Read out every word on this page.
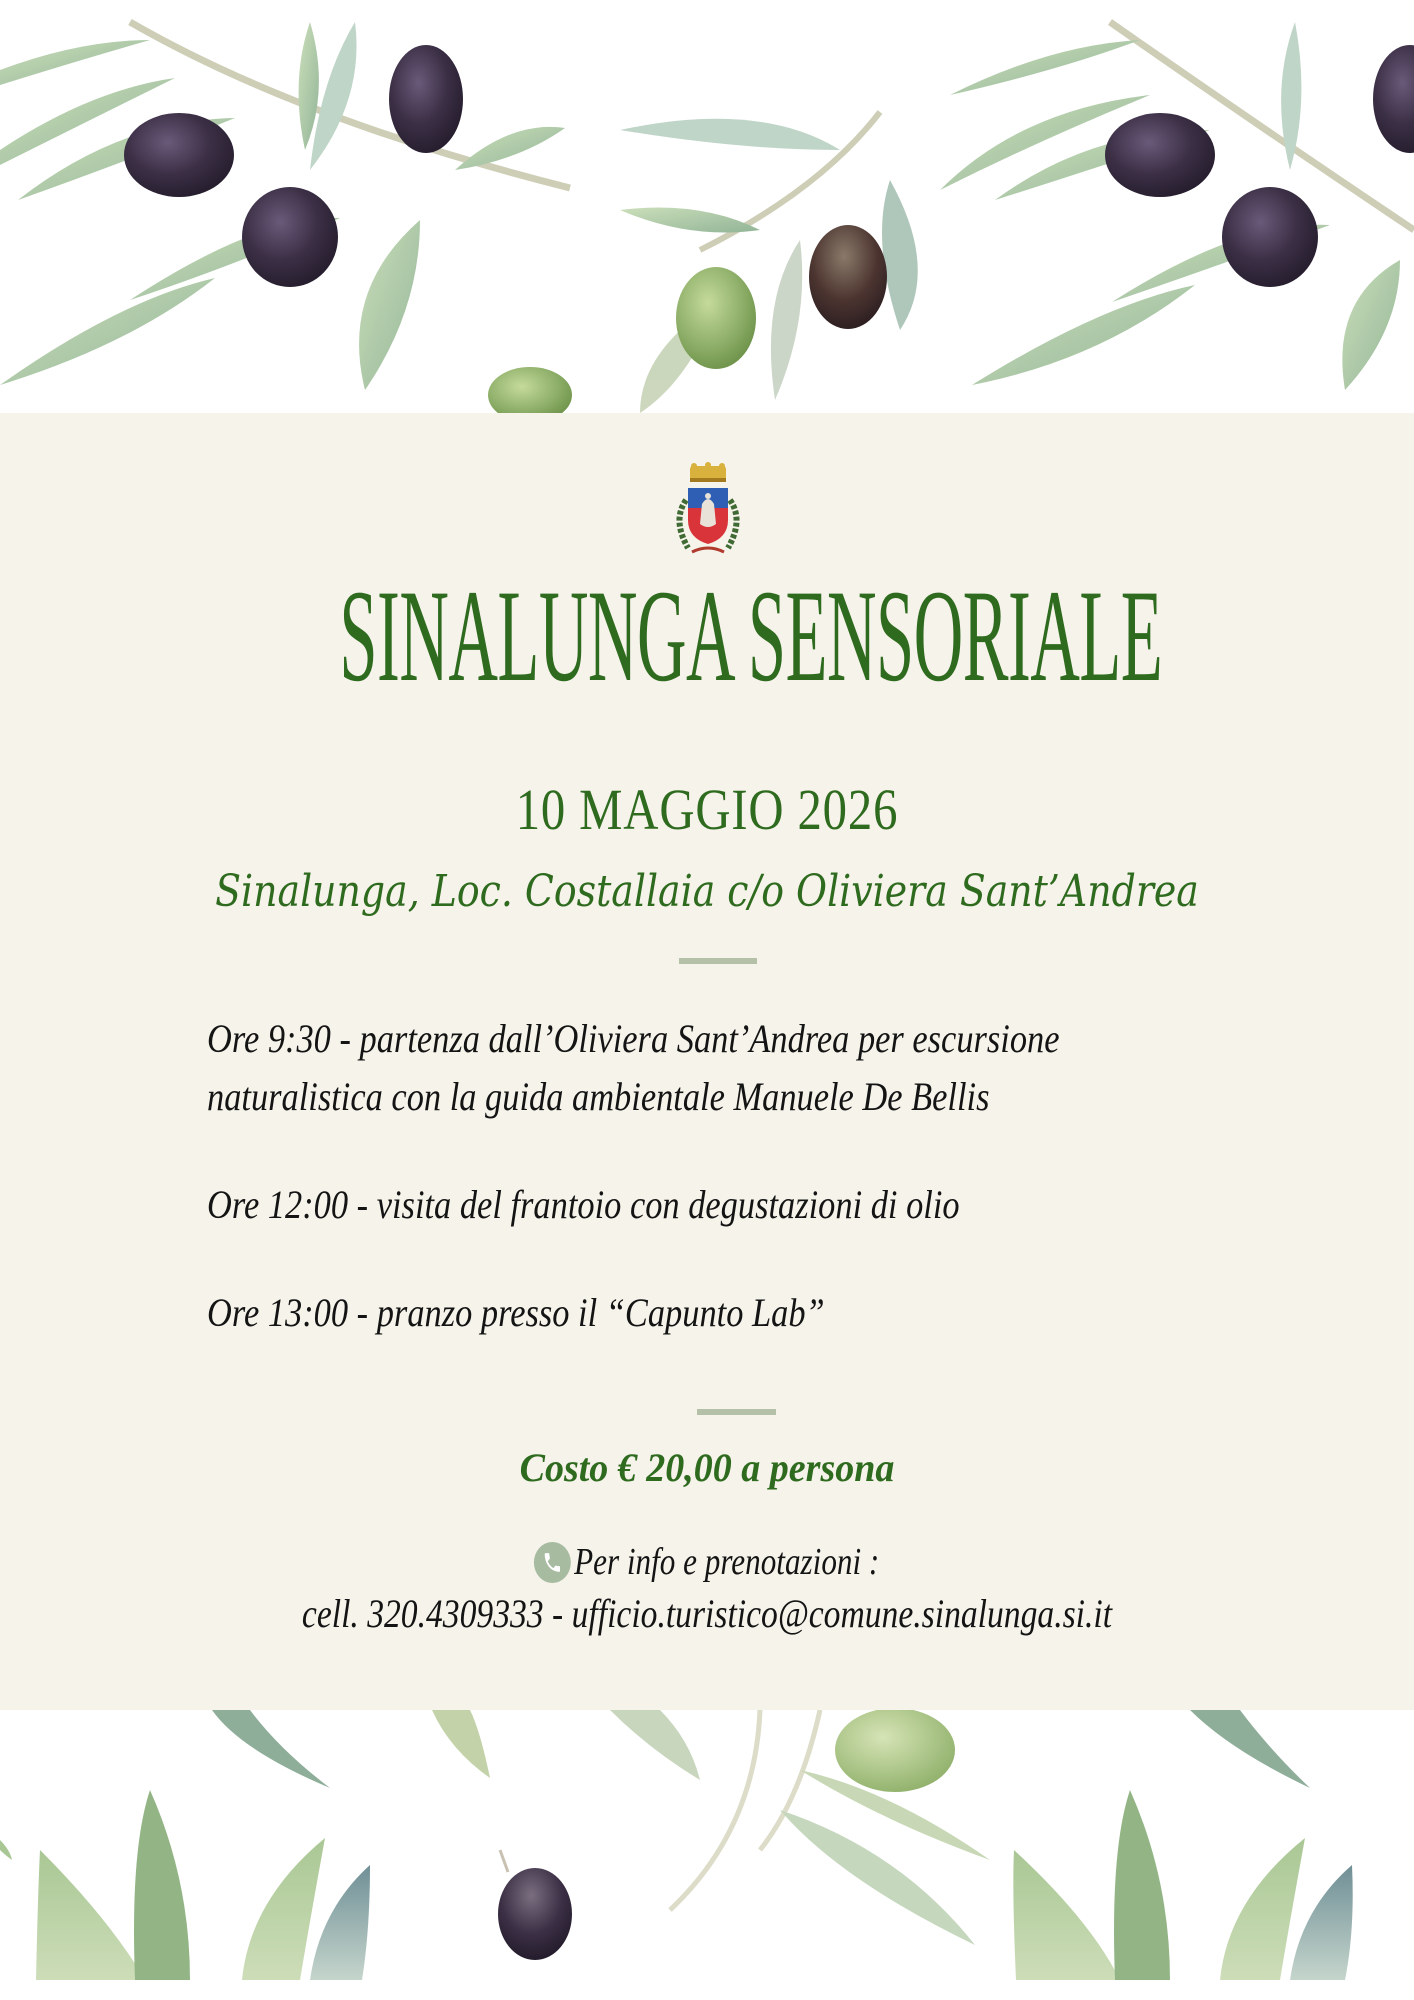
SINALUNGA SENSORIALE
10 MAGGIO 2026
Sinalunga, Loc. Costallaia c/o Oliviera Sant’Andrea
Ore 9:30 - partenza dall’Oliviera Sant’Andrea per escursione
naturalistica con la guida ambientale Manuele De Bellis
Ore 12:00 - visita del frantoio con degustazioni di olio
Ore 13:00 - pranzo presso il “Capunto Lab”
Costo € 20,00 a persona
Per info e prenotazioni :
cell. 320.4309333 - ufficio.turistico@comune.sinalunga.si.it
